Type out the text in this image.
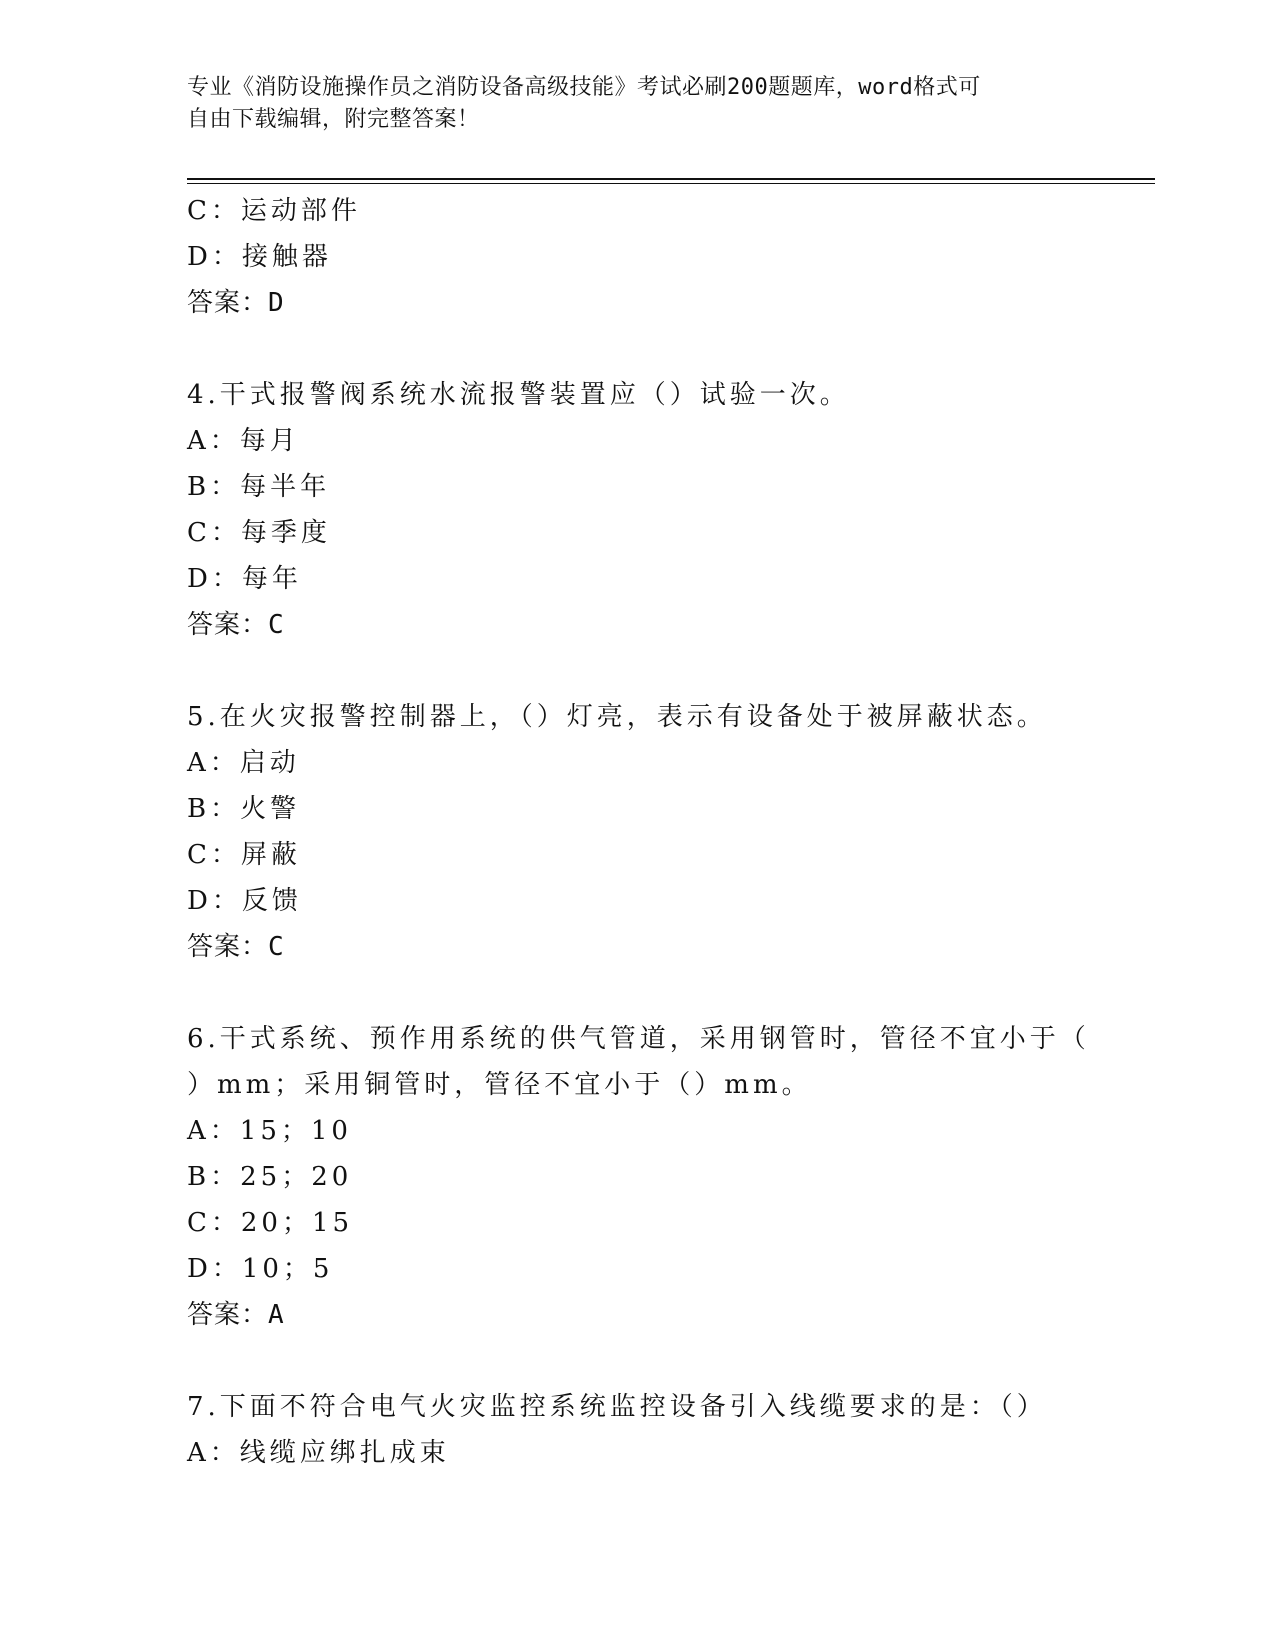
专业《消防设施操作员之消防设备高级技能》考试必刷200题题库，word格式可
自由下载编辑，附完整答案！
C：运动部件
D：接触器
答案：D
4.干式报警阀系统水流报警装置应（）试验一次。
A：每月
B：每半年
C：每季度
D：每年
答案：C
5.在火灾报警控制器上，（）灯亮，表示有设备处于被屏蔽状态。
A：启动
B：火警
C：屏蔽
D：反馈
答案：C
6.干式系统、预作用系统的供气管道，采用钢管时，管径不宜小于（
）mm；采用铜管时，管径不宜小于（）mm。
A：15；10
B：25；20
C：20；15
D：10；5
答案：A
7.下面不符合电气火灾监控系统监控设备引入线缆要求的是：（）
A：线缆应绑扎成束
